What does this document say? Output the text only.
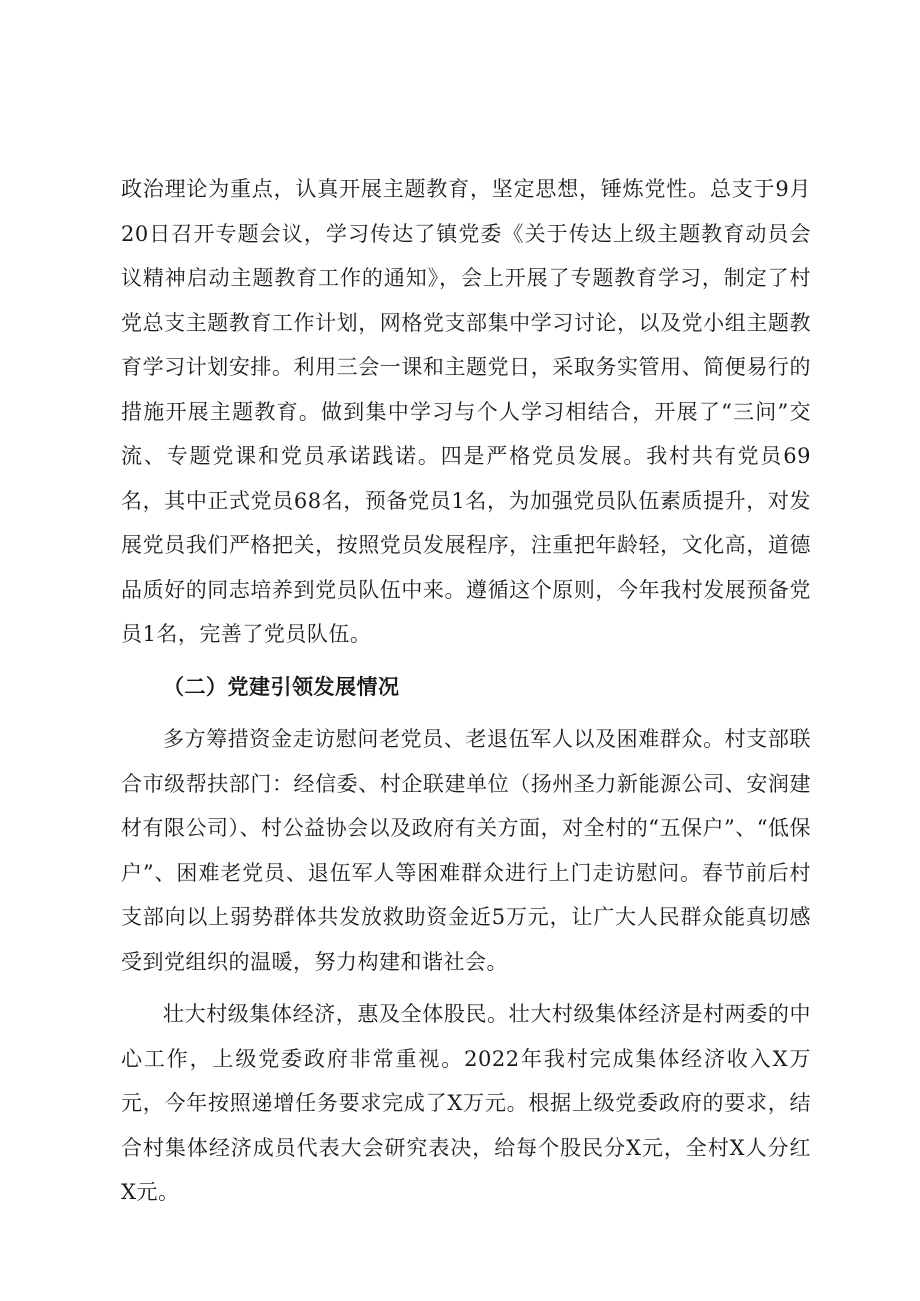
政治理论为重点，认真开展主题教育，坚定思想，锤炼党性。总支于9月20日召开专题会议，学习传达了镇党委《关于传达上级主题教育动员会议精神启动主题教育工作的通知》，会上开展了专题教育学习，制定了村党总支主题教育工作计划，网格党支部集中学习讨论，以及党小组主题教育学习计划安排。利用三会一课和主题党日，采取务实管用、简便易行的措施开展主题教育。做到集中学习与个人学习相结合，开展了“三问”交流、专题党课和党员承诺践诺。四是严格党员发展。我村共有党员69名，其中正式党员68名，预备党员1名，为加强党员队伍素质提升，对发展党员我们严格把关，按照党员发展程序，注重把年龄轻，文化高，道德品质好的同志培养到党员队伍中来。遵循这个原则，今年我村发展预备党员1名，完善了党员队伍。

（二）党建引领发展情况

多方筹措资金走访慰问老党员、老退伍军人以及困难群众。村支部联合市级帮扶部门：经信委、村企联建单位（扬州圣力新能源公司、安润建材有限公司）、村公益协会以及政府有关方面，对全村的“五保户”、“低保户”、困难老党员、退伍军人等困难群众进行上门走访慰问。春节前后村支部向以上弱势群体共发放救助资金近5万元，让广大人民群众能真切感受到党组织的温暖，努力构建和谐社会。

壮大村级集体经济，惠及全体股民。壮大村级集体经济是村两委的中心工作，上级党委政府非常重视。2022年我村完成集体经济收入X万元，今年按照递增任务要求完成了X万元。根据上级党委政府的要求，结合村集体经济成员代表大会研究表决，给每个股民分X元，全村X人分红X元。
